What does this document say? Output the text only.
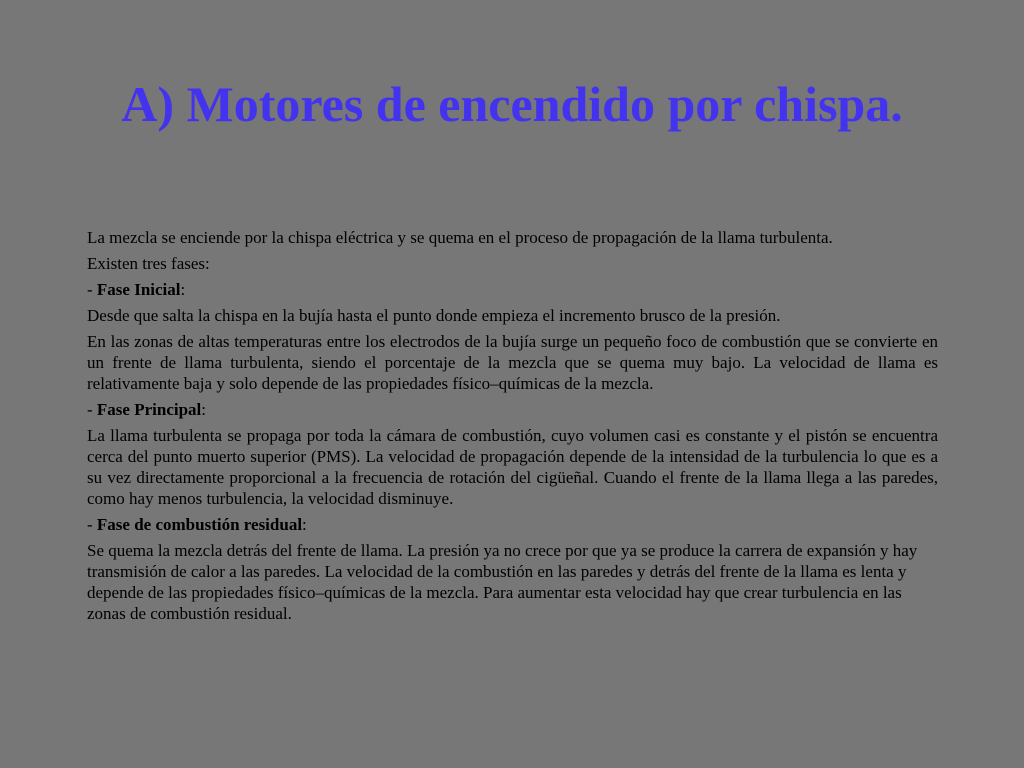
A) Motores de encendido por chispa.

La mezcla se enciende por la chispa eléctrica y se quema en el proceso de propagación de la llama turbulenta.

Existen tres fases:

- Fase Inicial:

Desde que salta la chispa en la bujía hasta el punto donde empieza el incremento brusco de la presión.

En las zonas de altas temperaturas entre los electrodos de la bujía surge un pequeño foco de combustión que se convierte en un frente de llama turbulenta, siendo el porcentaje de la mezcla que se quema muy bajo. La velocidad de llama es relativamente baja y solo depende de las propiedades físico–químicas de la mezcla.

- Fase Principal:

La llama turbulenta se propaga por toda la cámara de combustión, cuyo volumen casi es constante y el pistón se encuentra cerca del punto muerto superior (PMS). La velocidad de propagación depende de la intensidad de la turbulencia lo que es a su vez directamente proporcional a la frecuencia de rotación del cigüeñal. Cuando el frente de la llama llega a las paredes, como hay menos turbulencia, la velocidad disminuye.

- Fase de combustión residual:

Se quema la mezcla detrás del frente de llama. La presión ya no crece por que ya se produce la carrera de expansión y hay transmisión de calor a las paredes. La velocidad de la combustión en las paredes y detrás del frente de la llama es lenta y depende de las propiedades físico–químicas de la mezcla. Para aumentar esta velocidad hay que crear turbulencia en las zonas de combustión residual.
